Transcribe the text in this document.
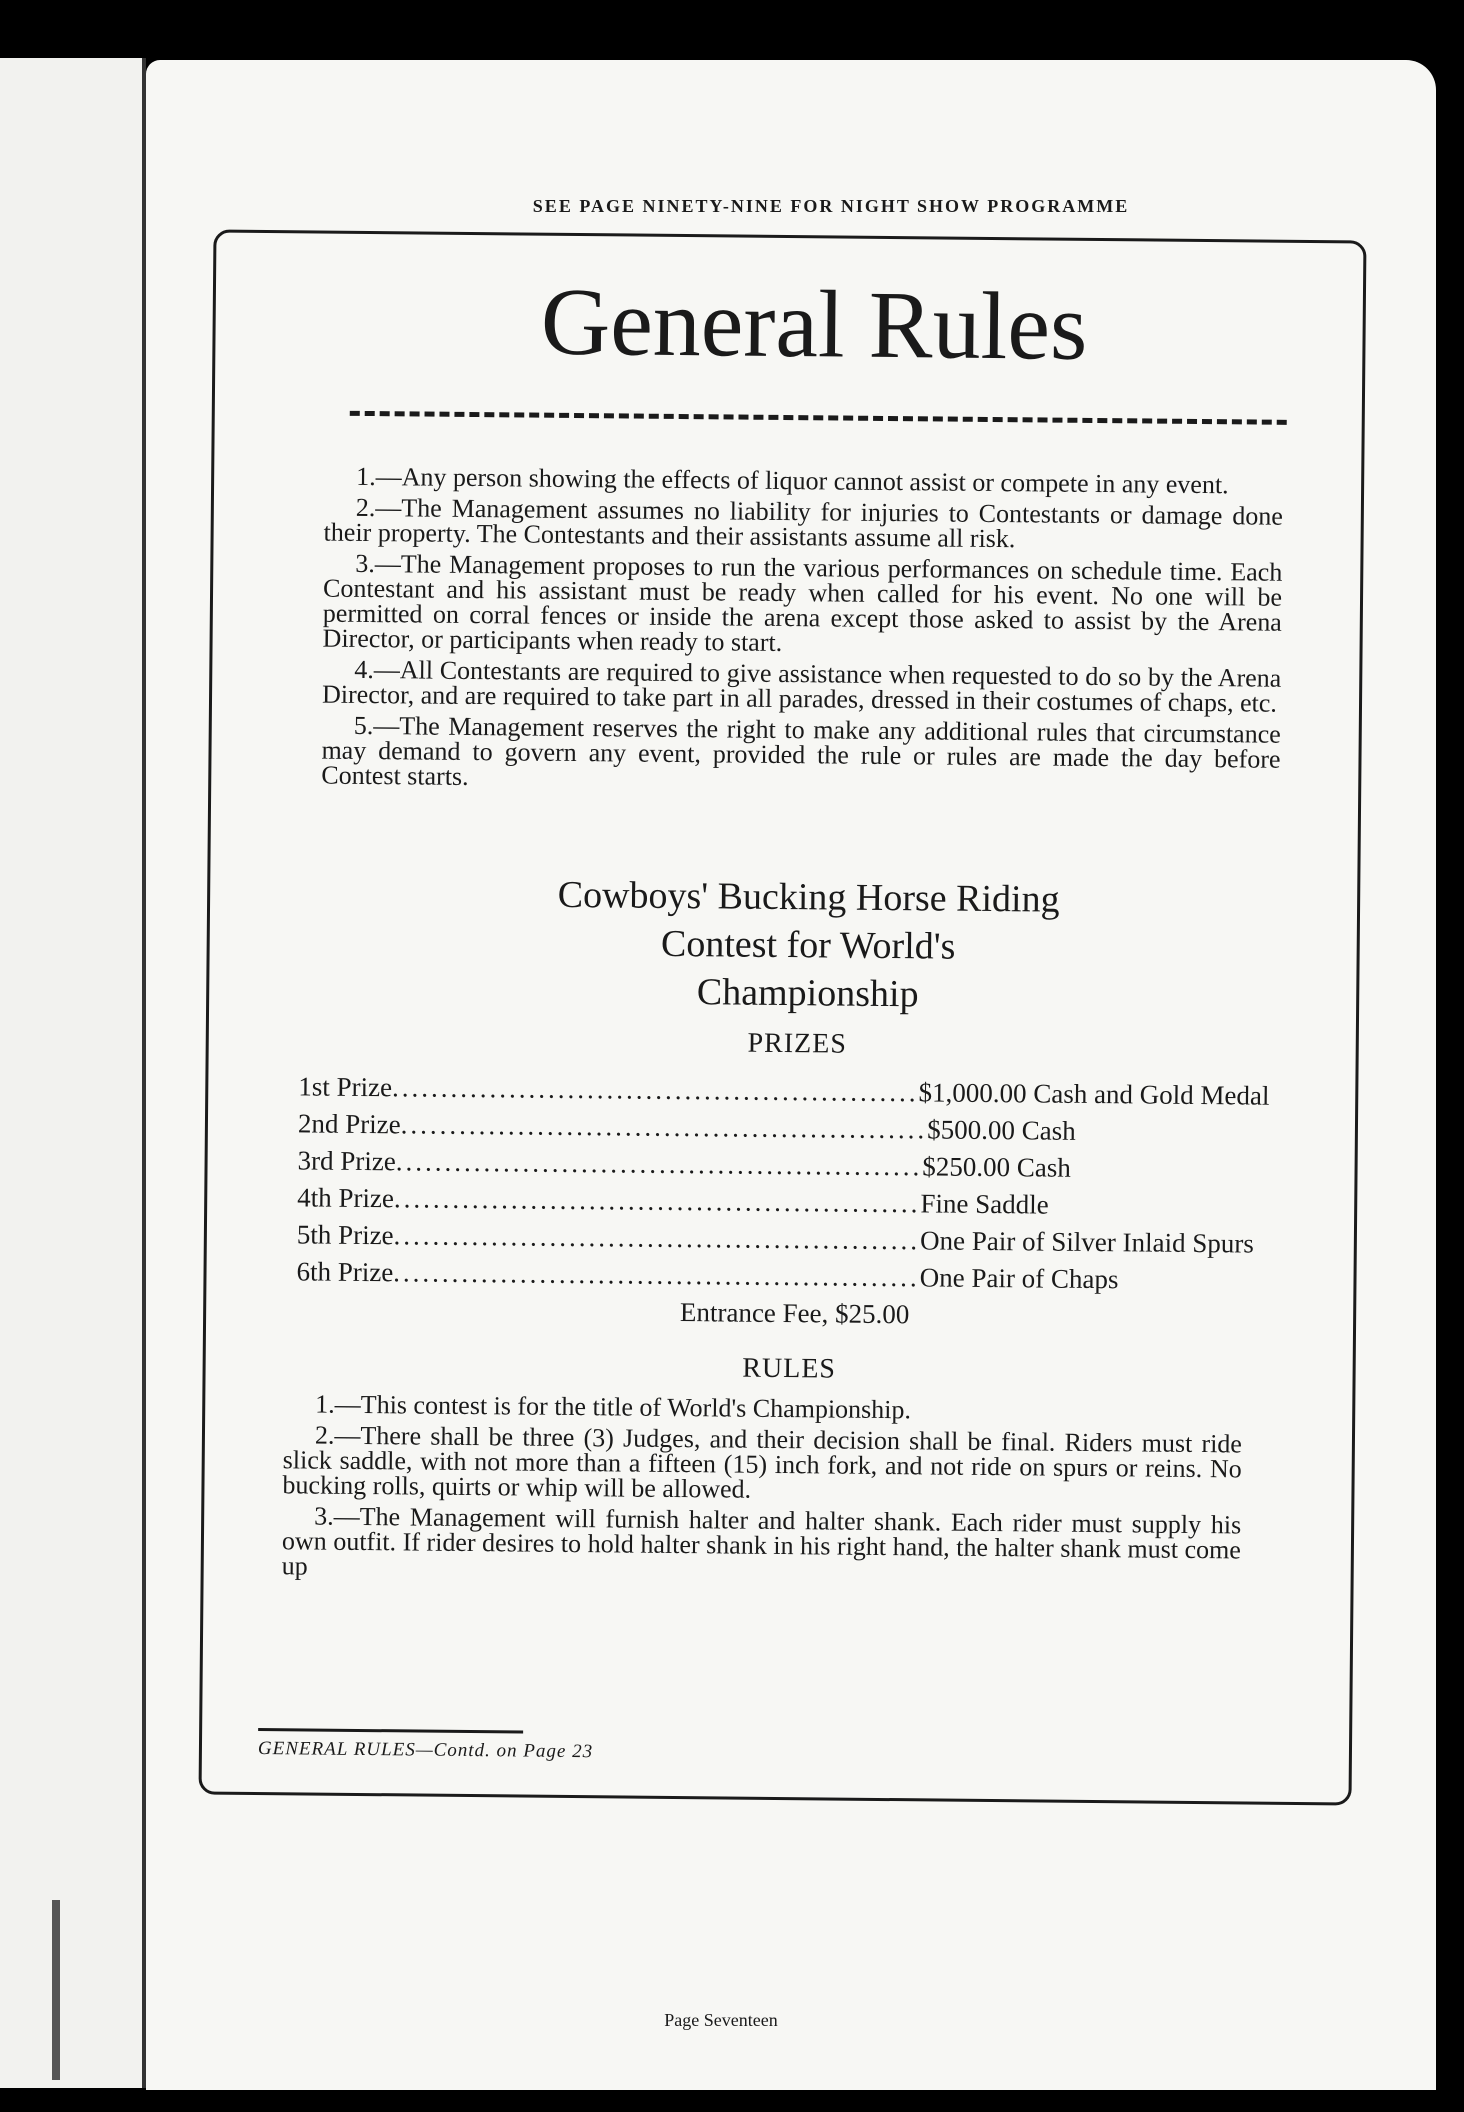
SEE PAGE NINETY-NINE FOR NIGHT SHOW PROGRAMME
General Rules

1.—Any person showing the effects of liquor cannot assist or compete in any event.

2.—The Management assumes no liability for injuries to Contestants or damage done their property. The Contestants and their assistants assume all risk.

3.—The Management proposes to run the various performances on schedule time. Each Contestant and his assistant must be ready when called for his event. No one will be permitted on corral fences or inside the arena except those asked to assist by the Arena Director, or participants when ready to start.

4.—All Contestants are required to give assistance when requested to do so by the Arena Director, and are required to take part in all parades, dressed in their costumes of chaps, etc.

5.—The Management reserves the right to make any additional rules that circumstance may demand to govern any event, provided the rule or rules are made the day before Contest starts.

Cowboys' Bucking Horse Riding
Contest for World's
Championship
PRIZES
1st Prize ...................................................... $1,000.00 Cash and Gold Medal
2nd Prize ...................................................... $500.00 Cash
3rd Prize ...................................................... $250.00 Cash
4th Prize ...................................................... Fine Saddle
5th Prize ...................................................... One Pair of Silver Inlaid Spurs
6th Prize ...................................................... One Pair of Chaps
Entrance Fee, $25.00
RULES

1.—This contest is for the title of World's Championship.

2.—There shall be three (3) Judges, and their decision shall be final. Riders must ride slick saddle, with not more than a fifteen (15) inch fork, and not ride on spurs or reins. No bucking rolls, quirts or whip will be allowed.

3.—The Management will furnish halter and halter shank. Each rider must supply his own outfit. If rider desires to hold halter shank in his right hand, the halter shank must come up

GENERAL RULES—Contd. on Page 23
Page Seventeen
